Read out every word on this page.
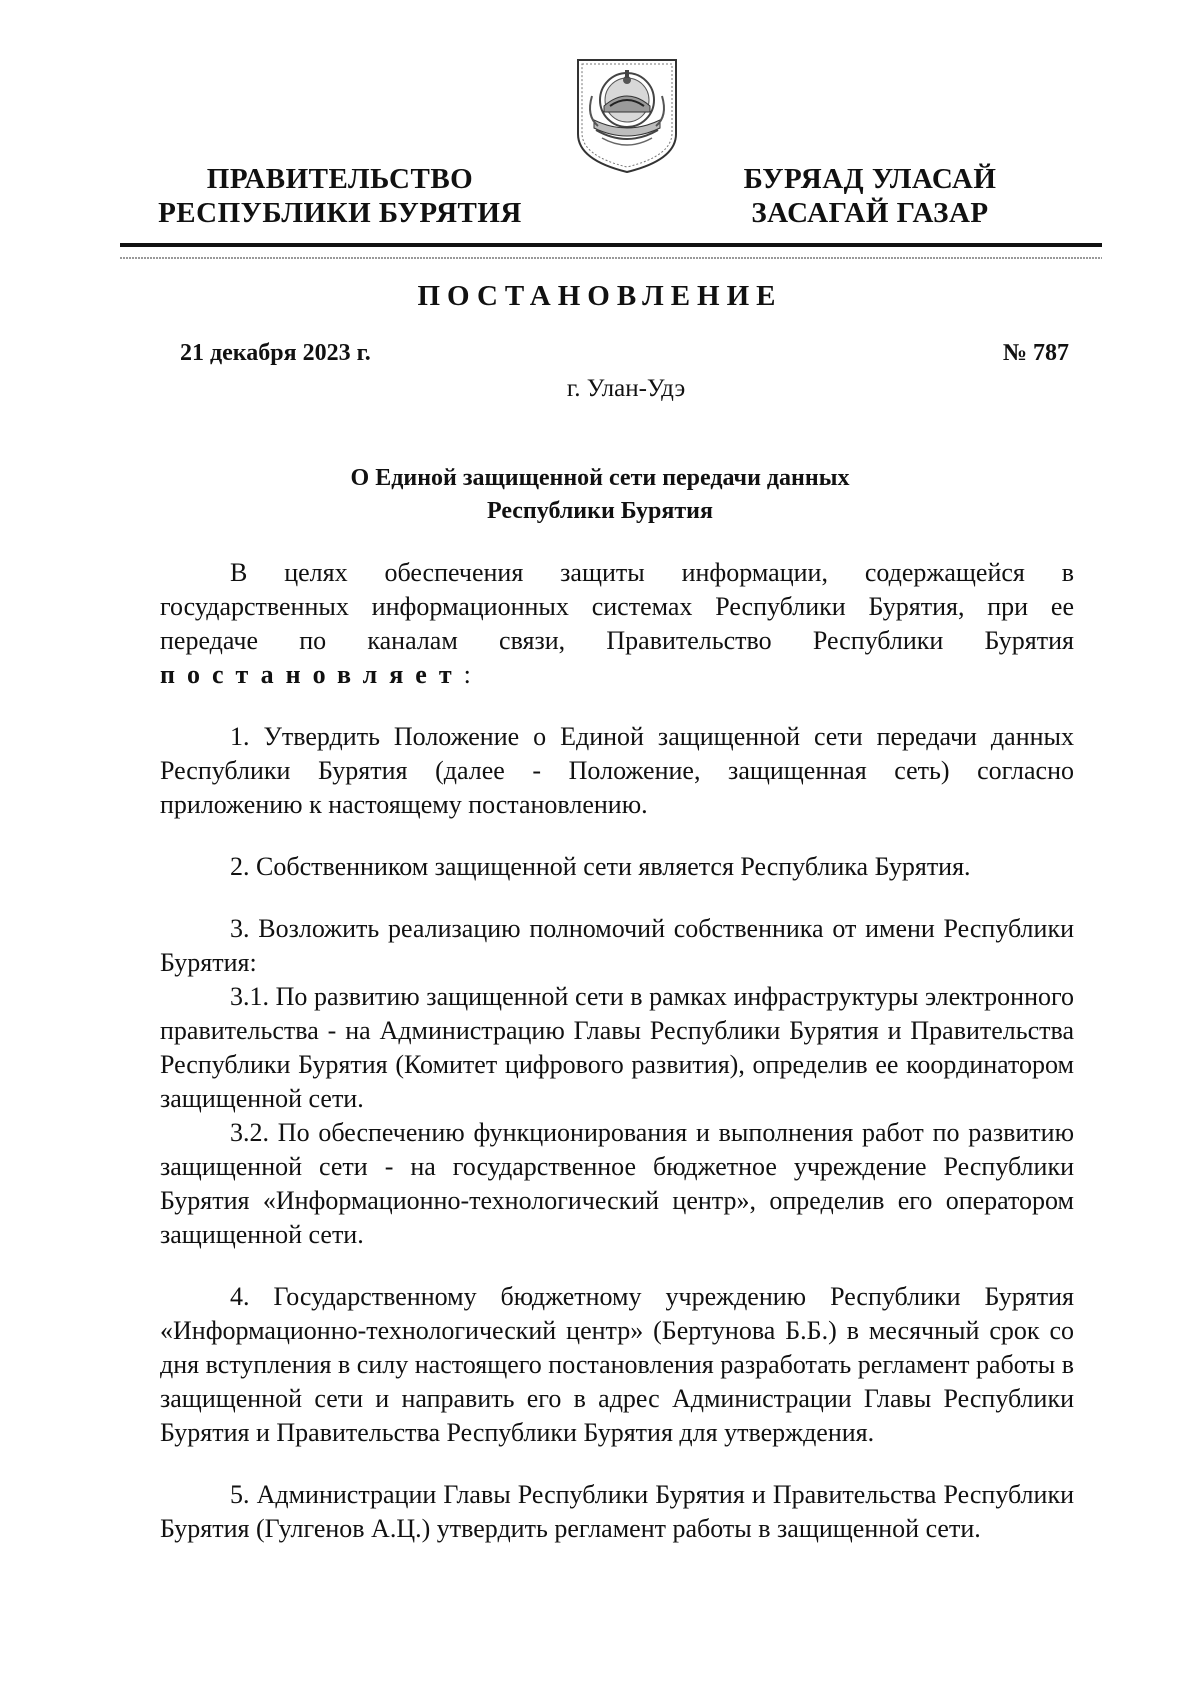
ПРАВИТЕЛЬСТВО
РЕСПУБЛИКИ БУРЯТИЯ
БУРЯАД УЛАСАЙ
ЗАСАГАЙ ГАЗАР
ПОСТАНОВЛЕНИЕ
21 декабря 2023 г.	№ 787
г. Улан-Удэ
О Единой защищенной сети передачи данных
Республики Бурятия

В целях обеспечения защиты информации, содержащейся в государственных информационных системах Республики Бурятия, при ее передаче по каналам связи, Правительство Республики Бурятия постановляет:

1. Утвердить Положение о Единой защищенной сети передачи данных Республики Бурятия (далее - Положение, защищенная сеть) согласно приложению к настоящему постановлению.

2. Собственником защищенной сети является Республика Бурятия.

3. Возложить реализацию полномочий собственника от имени Республики Бурятия:

3.1. По развитию защищенной сети в рамках инфраструктуры электронного правительства - на Администрацию Главы Республики Бурятия и Правительства Республики Бурятия (Комитет цифрового развития), определив ее координатором защищенной сети.

3.2. По обеспечению функционирования и выполнения работ по развитию защищенной сети - на государственное бюджетное учреждение Республики Бурятия «Информационно-технологический центр», определив его оператором защищенной сети.

4. Государственному бюджетному учреждению Республики Бурятия «Информационно-технологический центр» (Бертунова Б.Б.) в месячный срок со дня вступления в силу настоящего постановления разработать регламент работы в защищенной сети и направить его в адрес Администрации Главы Республики Бурятия и Правительства Республики Бурятия для утверждения.

5. Администрации Главы Республики Бурятия и Правительства Республики Бурятия (Гулгенов А.Ц.) утвердить регламент работы в защищенной сети.
